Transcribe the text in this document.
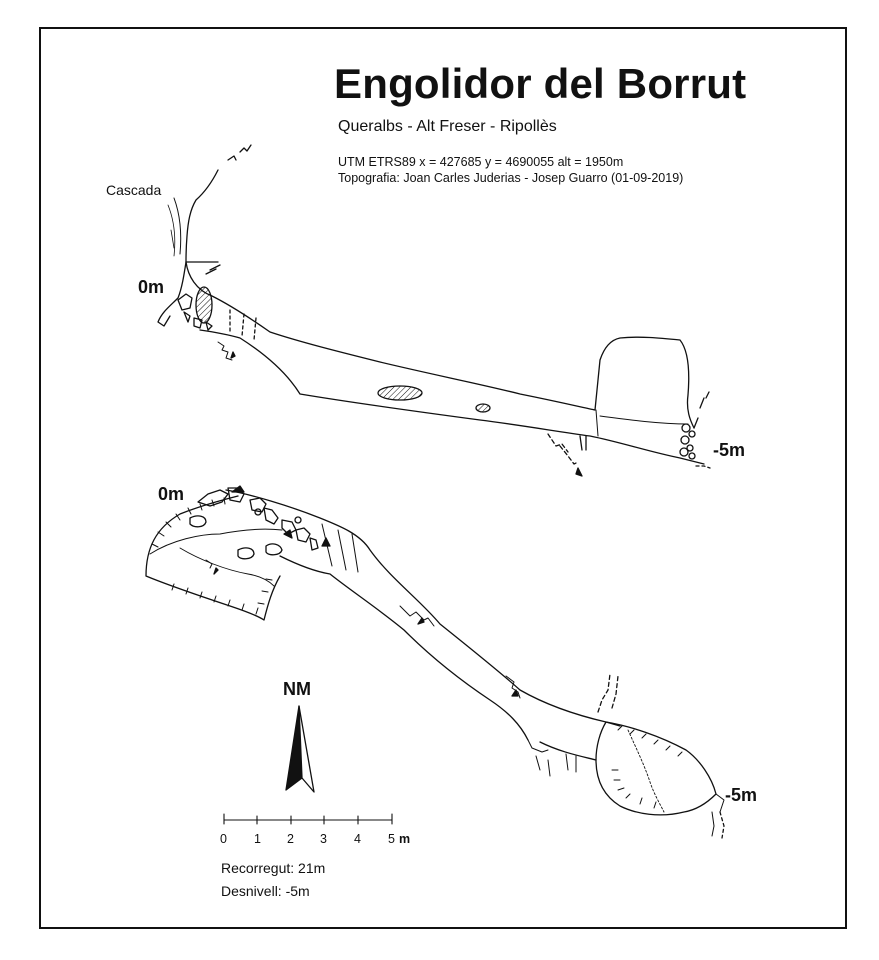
Engolidor del Borrut
Queralbs - Alt Freser - Ripollès
UTM ETRS89 x = 427685 y = 4690055 alt = 1950m
Topografia: Joan Carles Juderias - Josep Guarro (01-09-2019)
Cascada
0m
-5m
0m
-5m
NM
0 1 2 3 4 5 m
Recorregut: 21m
Desnivell: -5m
